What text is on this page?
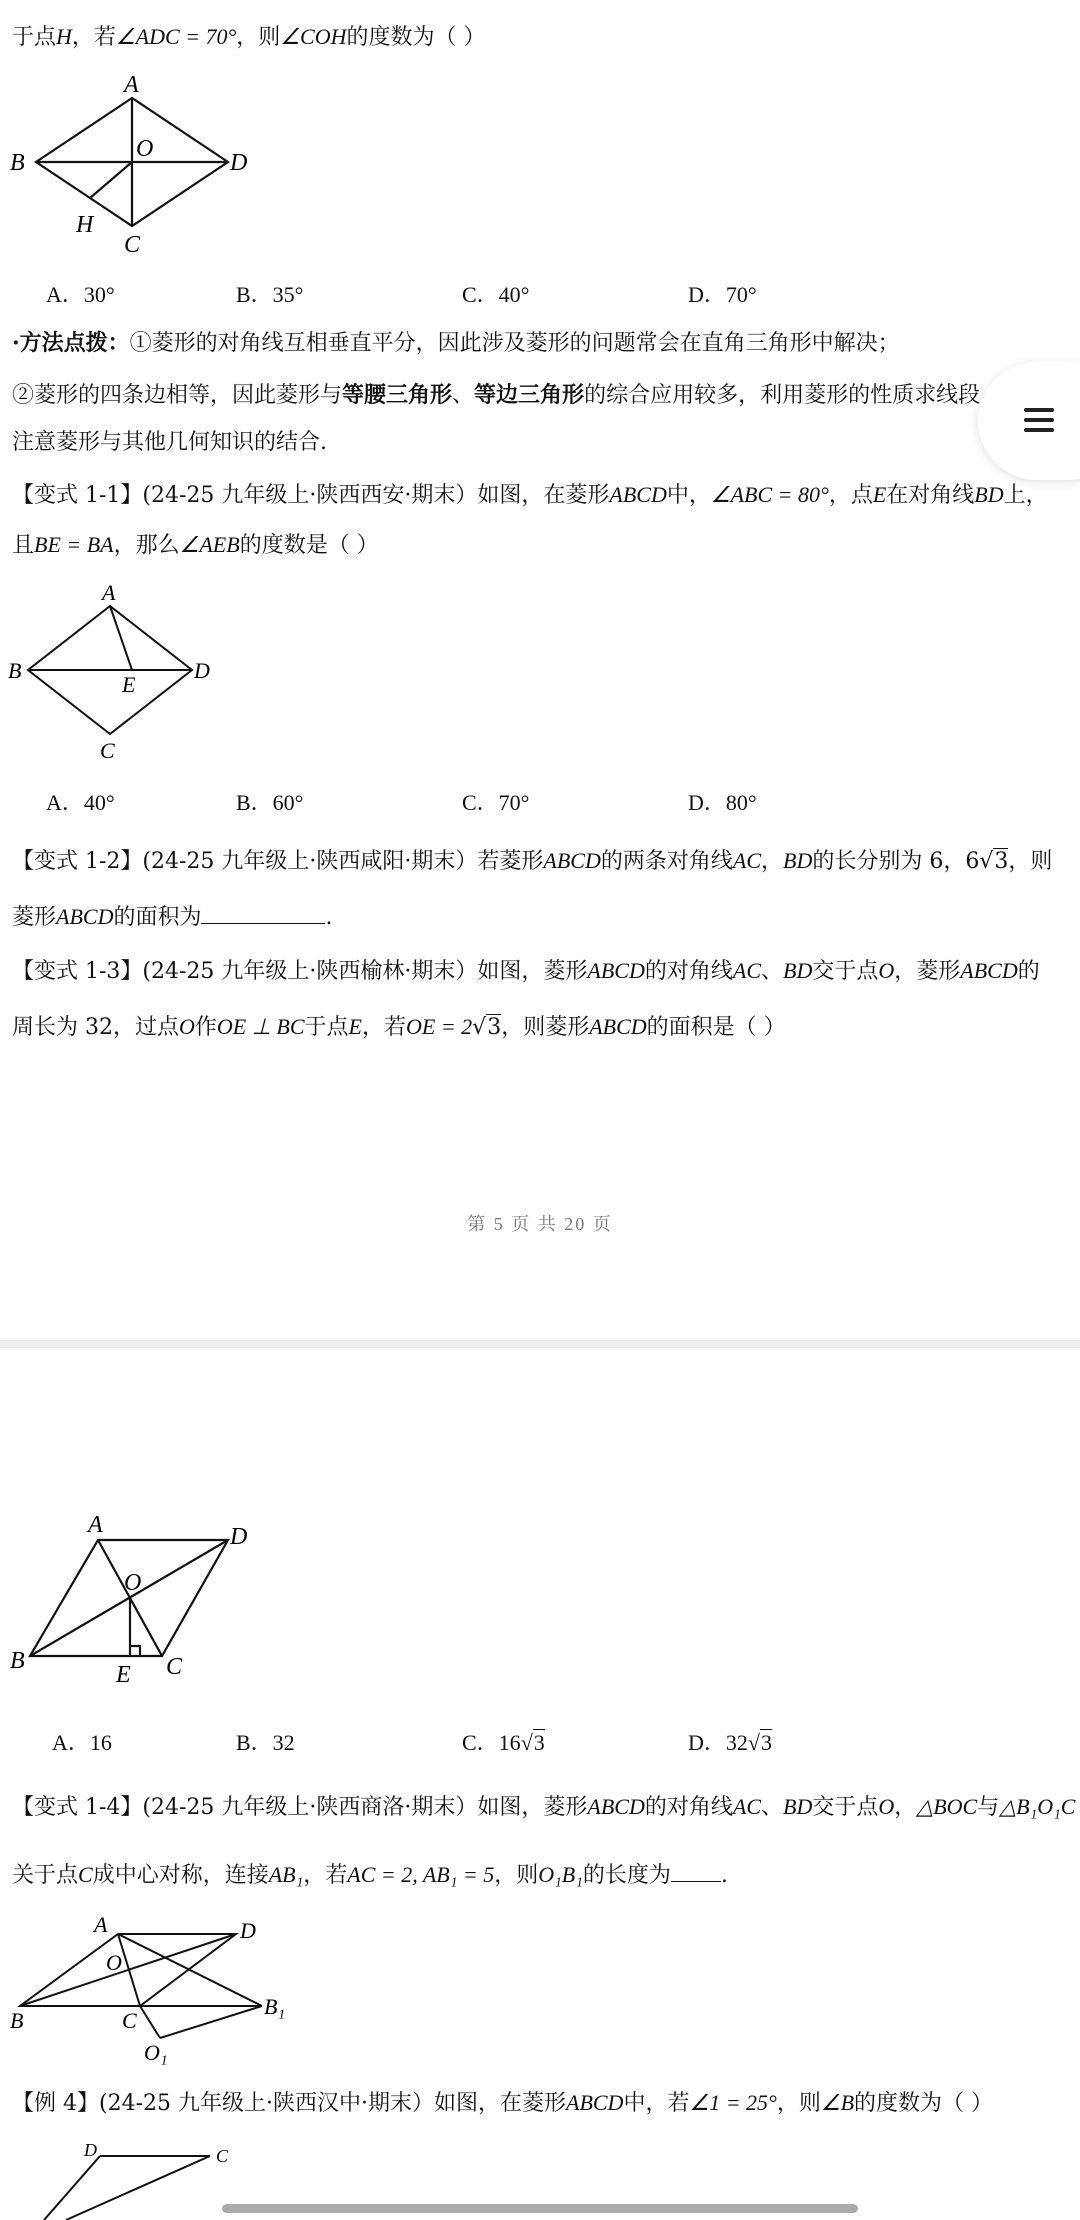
于点H，若∠ADC = 70°，则∠COH的度数为（ ）
A
B
C
D
O
H
A．30°	B．35°	C．40°	D．70°
·方法点拨：①菱形的对角线互相垂直平分，因此涉及菱形的问题常会在直角三角形中解决；
②菱形的四条边相等，因此菱形与等腰三角形、等边三角形的综合应用较多，利用菱形的性质求线段
注意菱形与其他几何知识的结合.
【变式 1-1】(24-25 九年级上·陕西西安·期末）如图，在菱形ABCD中，∠ABC = 80°，点E在对角线BD上，
且BE = BA，那么∠AEB的度数是（ ）
A
B
C
D
E
A．40°	B．60°	C．70°	D．80°
【变式 1-2】(24-25 九年级上·陕西咸阳·期末）若菱形ABCD的两条对角线AC，BD的长分别为 6，6√3，则
菱形ABCD的面积为	.
【变式 1-3】(24-25 九年级上·陕西榆林·期末）如图，菱形ABCD的对角线AC、BD交于点O，菱形ABCD的
周长为 32，过点O作OE ⊥ BC于点E，若OE = 2√3，则菱形ABCD的面积是（ ）
第 5 页 共 20 页
A
B	C
D
E
O
A．16	B．32	C．16√3	D．32√3
【变式 1-4】(24-25 九年级上·陕西商洛·期末）如图，菱形ABCD的对角线AC、BD交于点O，△BOC与△B₁O₁C
关于点C成中心对称，连接AB₁，若AC = 2, AB₁ = 5，则O₁B₁的长度为 .
A
B	C
D
O
B₁
O₁
【例 4】(24-25 九年级上·陕西汉中·期末）如图，在菱形ABCD中，若∠1 = 25°，则∠B的度数为（ ）
D	C
